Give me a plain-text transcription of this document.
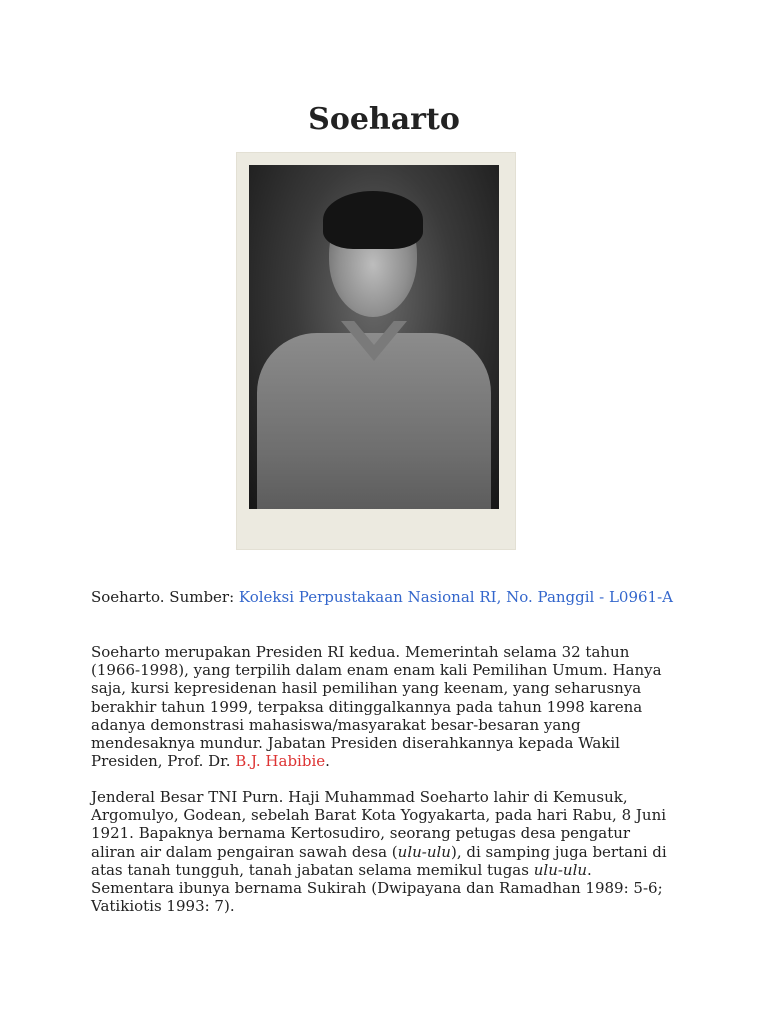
Soeharto
Soeharto. Sumber: Koleksi Perpustakaan Nasional RI, No. Panggil - L0961-A

Soeharto merupakan Presiden RI kedua. Memerintah selama 32 tahun
(1966-1998), yang terpilih dalam enam enam kali Pemilihan Umum. Hanya
saja, kursi kepresidenan hasil pemilihan yang keenam, yang seharusnya
berakhir tahun 1999, terpaksa ditinggalkannya pada tahun 1998 karena
adanya demonstrasi mahasiswa/masyarakat besar-besaran yang
mendesaknya mundur. Jabatan Presiden diserahkannya kepada Wakil
Presiden, Prof. Dr. B.J. Habibie.

Jenderal Besar TNI Purn. Haji Muhammad Soeharto lahir di Kemusuk,
Argomulyo, Godean, sebelah Barat Kota Yogyakarta, pada hari Rabu, 8 Juni
1921. Bapaknya bernama Kertosudiro, seorang petugas desa pengatur
aliran air dalam pengairan sawah desa (ulu-ulu), di samping juga bertani di
atas tanah tungguh, tanah jabatan selama memikul tugas ulu-ulu.
Sementara ibunya bernama Sukirah (Dwipayana dan Ramadhan 1989: 5-6;
Vatikiotis 1993: 7).
